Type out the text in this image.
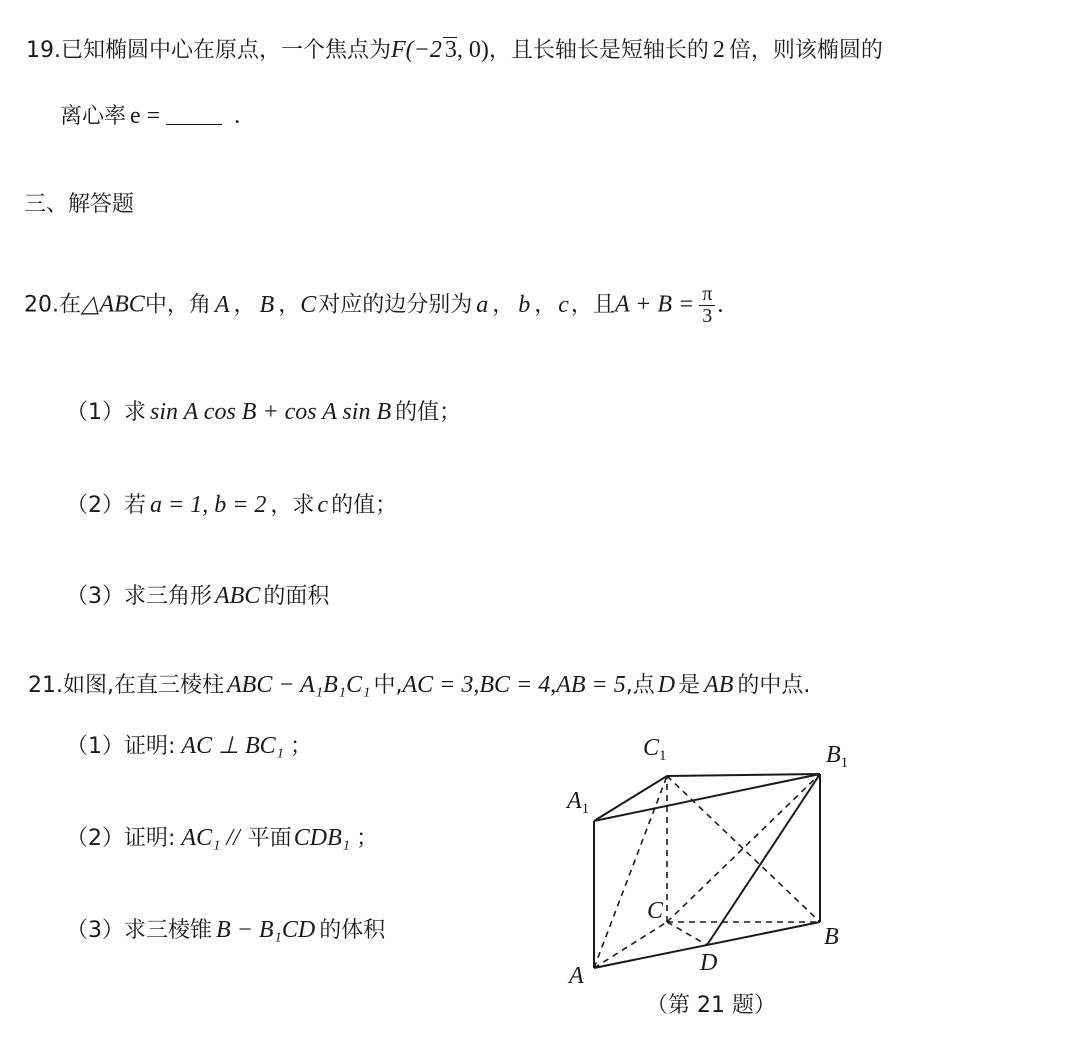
19.已知椭圆中心在原点，一个焦点为F(−2 3, 0)，且长轴长是短轴长的 2 倍，则该椭圆的
离心率 e =	.
三、解答题
20.在△ABC中，角 A ， B ，C对应的边分别为 a ， b ，c，且$A + B = \frac{\pi}{3}$ .
（1）求 sin A cos B + cos A sin B 的值；
（2）若 a = 1, b = 2 ，求 c 的值；
（3）求三角形 ABC 的面积
21.如图,在直三棱柱 ABC − A₁B₁C₁ 中,AC = 3,BC = 4,AB = 5,点 D 是 AB 的中点.
（1）证明: AC ⊥ BC₁ ；
（2）证明: AC₁ // 平面CDB₁ ；
（3）求三棱锥 B − B₁CD 的体积
$C_1$	$B_1$
$A_1$
C
B
D
A
（第 21 题）
